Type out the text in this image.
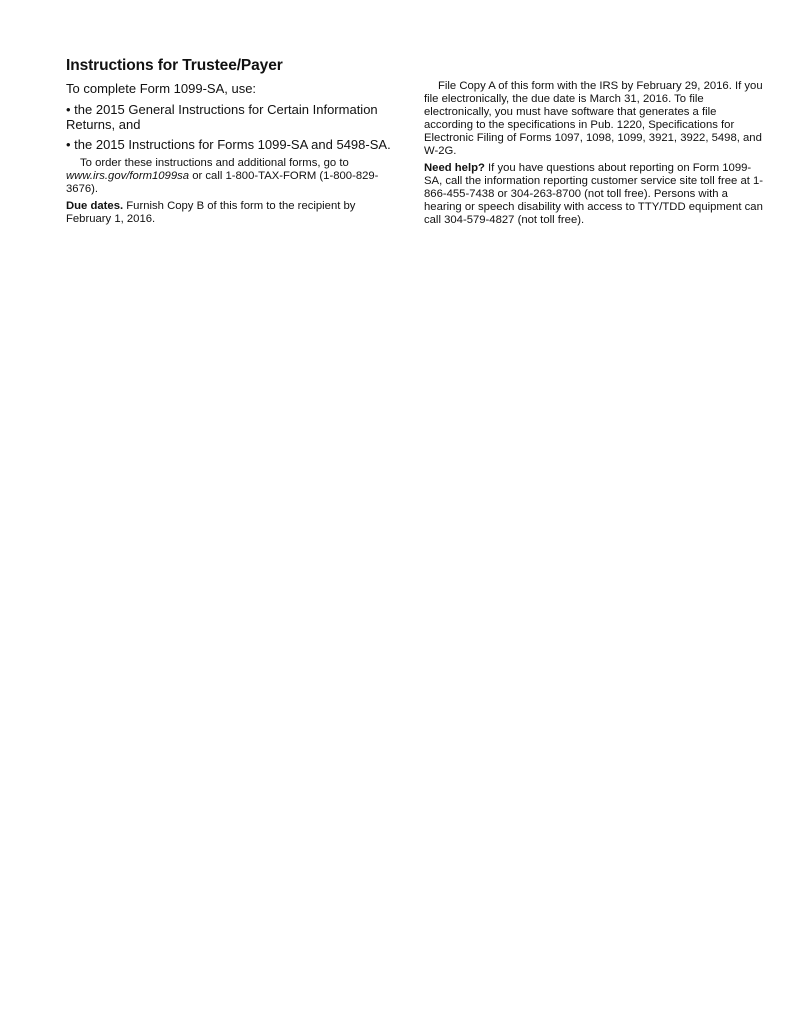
Instructions for Trustee/Payer
To complete Form 1099-SA, use:
• the 2015 General Instructions for Certain Information Returns, and
• the 2015 Instructions for Forms 1099-SA and 5498-SA.
To order these instructions and additional forms, go to www.irs.gov/form1099sa or call 1-800-TAX-FORM (1-800-829-3676).
Due dates. Furnish Copy B of this form to the recipient by February 1, 2016.
File Copy A of this form with the IRS by February 29, 2016. If you file electronically, the due date is March 31, 2016. To file electronically, you must have software that generates a file according to the specifications in Pub. 1220, Specifications for Electronic Filing of Forms 1097, 1098, 1099, 3921, 3922, 5498, and W-2G.
Need help? If you have questions about reporting on Form 1099-SA, call the information reporting customer service site toll free at 1-866-455-7438 or 304-263-8700 (not toll free). Persons with a hearing or speech disability with access to TTY/TDD equipment can call 304-579-4827 (not toll free).
